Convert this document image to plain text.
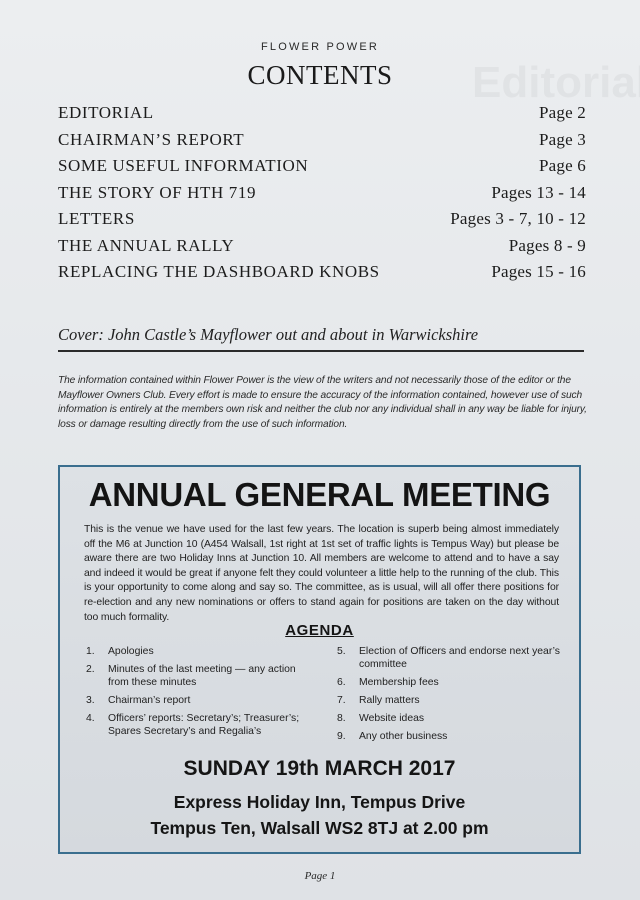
FLOWER POWER
CONTENTS
EDITORIAL	Page 2
CHAIRMAN’S REPORT	Page 3
SOME USEFUL INFORMATION	Page 6
THE STORY OF HTH 719	Pages 13 - 14
LETTERS	Pages 3 - 7, 10 - 12
THE ANNUAL RALLY	Pages 8 - 9
REPLACING THE DASHBOARD KNOBS	Pages 15 - 16
Cover: John Castle’s Mayflower out and about in Warwickshire
The information contained within Flower Power is the view of the writers and not necessarily those of the editor or the Mayflower Owners Club. Every effort is made to ensure the accuracy of the information contained, however use of such information is entirely at the members own risk and neither the club nor any individual shall in any way be liable for injury, loss or damage resulting directly from the use of such information.
ANNUAL GENERAL MEETING
This is the venue we have used for the last few years. The location is superb being almost immediately off the M6 at Junction 10 (A454 Walsall, 1st right at 1st set of traffic lights is Tempus Way) but please be aware there are two Holiday Inns at Junction 10. All members are welcome to attend and to have a say and indeed it would be great if anyone felt they could volunteer a little help to the running of the club. This is your opportunity to come along and say so. The committee, as is usual, will all offer there positions for re-election and any new nominations or offers to stand again for positions are taken on the day without too much formality.
AGENDA
1.	Apologies
2.	Minutes of the last meeting — any action from these minutes
3.	Chairman’s report
4.	Officers’ reports: Secretary’s; Treasurer’s; Spares Secretary’s and Regalia’s
5.	Election of Officers and endorse next year’s committee
6.	Membership fees
7.	Rally matters
8.	Website ideas
9.	Any other business
SUNDAY 19th MARCH 2017
Express Holiday Inn, Tempus Drive
Tempus Ten, Walsall WS2 8TJ at 2.00 pm
Page 1
